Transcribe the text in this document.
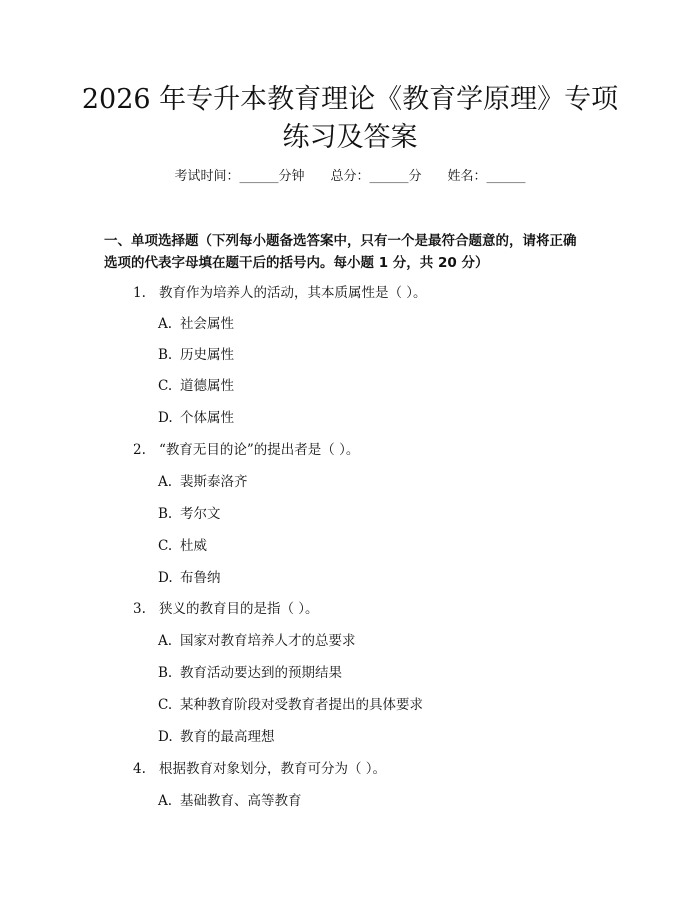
2026 年专升本教育理论《教育学原理》专项
练习及答案
考试时间：______分钟 总分：______分 姓名：______
一、单项选择题（下列每小题备选答案中，只有一个是最符合题意的，请将正确
选项的代表字母填在题干后的括号内。每小题 1 分，共 20 分）
1. 教育作为培养人的活动，其本质属性是（ ）。
A. 社会属性
B. 历史属性
C. 道德属性
D. 个体属性
2. “教育无目的论”的提出者是（ ）。
A. 裴斯泰洛齐
B. 考尔文
C. 杜威
D. 布鲁纳
3. 狭义的教育目的是指（ ）。
A. 国家对教育培养人才的总要求
B. 教育活动要达到的预期结果
C. 某种教育阶段对受教育者提出的具体要求
D. 教育的最高理想
4. 根据教育对象划分，教育可分为（ ）。
A. 基础教育、高等教育
